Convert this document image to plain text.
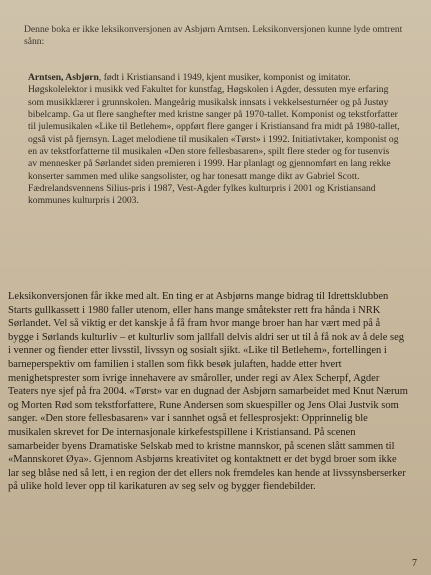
Denne boka er ikke leksikonversjonen av Asbjørn Arntsen. Leksikonversjonen kunne lyde omtrent sånn:

Arntsen, Asbjørn, født i Kristiansand i 1949, kjent musiker, komponist og imitator. Høgskolelektor i musikk ved Fakultet for kunstfag, Høgskolen i Agder, dessuten mye erfaring som musikklærer i grunnskolen. Mangeårig musikalsk innsats i vekkelsesturnéer og på Justøy bibelcamp. Ga ut flere sanghefter med kristne sanger på 1970-tallet. Komponist og tekstforfatter til julemusikalen «Like til Betlehem», oppført flere ganger i Kristiansand fra midt på 1980-tallet, også vist på fjernsyn. Laget melodiene til musikalen «Tørst» i 1992. Initiativtaker, komponist og en av tekstforfatterne til musikalen «Den store fellesbasaren», spilt flere steder og for tusenvis av mennesker på Sørlandet siden premieren i 1999. Har planlagt og gjennomført en lang rekke konserter sammen med ulike sangsolister, og har tonesatt mange dikt av Gabriel Scott. Fædrelandsvennens Silius-pris i 1987, Vest-Agder fylkes kulturpris i 2001 og Kristiansand kommunes kulturpris i 2003.

Leksikonversjonen får ikke med alt. En ting er at Asbjørns mange bidrag til Idrettsklubben Starts gullkassett i 1980 faller utenom, eller hans mange småtekster rett fra hånda i NRK Sørlandet. Vel så viktig er det kanskje å få fram hvor mange broer han har vært med på å bygge i Sørlands kulturliv – et kulturliv som jallfall delvis aldri ser ut til å få nok av å dele seg i venner og fiender etter livsstil, livssyn og sosialt sjikt. «Like til Betlehem», fortellingen i barneperspektiv om familien i stallen som fikk besøk julaften, hadde etter hvert menighetsprester som ivrige innehavere av småroller, under regi av Alex Scherpf, Agder Teaters nye sjef på fra 2004. «Tørst» var en dugnad der Asbjørn samarbeidet med Knut Nærum og Morten Rød som tekstforfattere, Rune Andersen som skuespiller og Jens Olai Justvik som sanger. «Den store fellesbasaren» var i sannhet også et fellesprosjekt: Opprinnelig ble musikalen skrevet for De internasjonale kirkefestspillene i Kristiansand. På scenen samarbeider byens Dramatiske Selskab med to kristne mannskor, på scenen slått sammen til «Mannskoret Øya». Gjennom Asbjørns kreativitet og kontaktnett er det bygd broer som ikke lar seg blåse ned så lett, i en region der det ellers nok fremdeles kan hende at livssynsberserker på ulike hold lever opp til karikaturen av seg selv og bygger fiendebilder.

7
